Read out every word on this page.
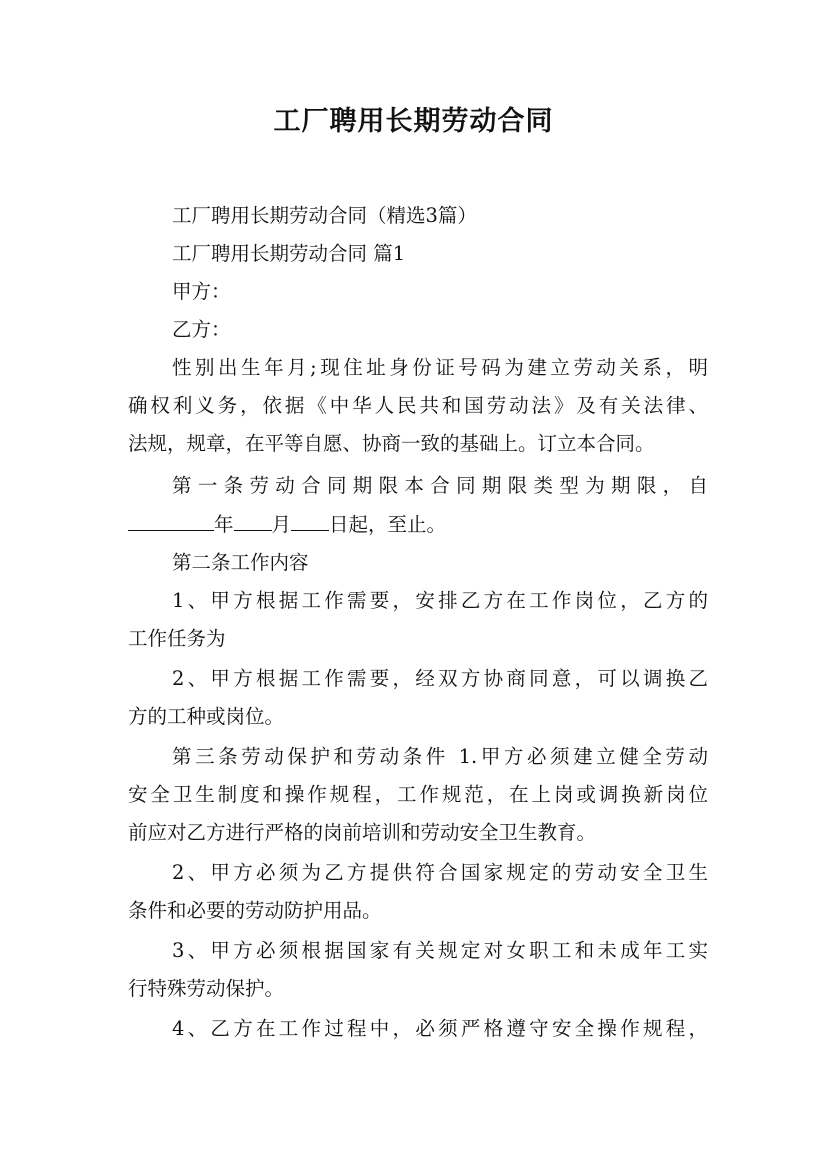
工厂聘用长期劳动合同

工厂聘用长期劳动合同（精选3篇）

工厂聘用长期劳动合同 篇1

甲方：

乙方：

性别出生年月;现住址身份证号码为建立劳动关系，明

确权利义务，依据《中华人民共和国劳动法》及有关法律、

法规，规章，在平等自愿、协商一致的基础上。订立本合同。

第一条劳动合同期限本合同期限类型为期限，自

年 月 日起，至止。

第二条工作内容

1、甲方根据工作需要，安排乙方在工作岗位，乙方的

工作任务为

2、甲方根据工作需要，经双方协商同意，可以调换乙

方的工种或岗位。

第三条劳动保护和劳动条件 1.甲方必须建立健全劳动

安全卫生制度和操作规程，工作规范，在上岗或调换新岗位

前应对乙方进行严格的岗前培训和劳动安全卫生教育。

2、甲方必须为乙方提供符合国家规定的劳动安全卫生

条件和必要的劳动防护用品。

3、甲方必须根据国家有关规定对女职工和未成年工实

行特殊劳动保护。

4、乙方在工作过程中，必须严格遵守安全操作规程，
